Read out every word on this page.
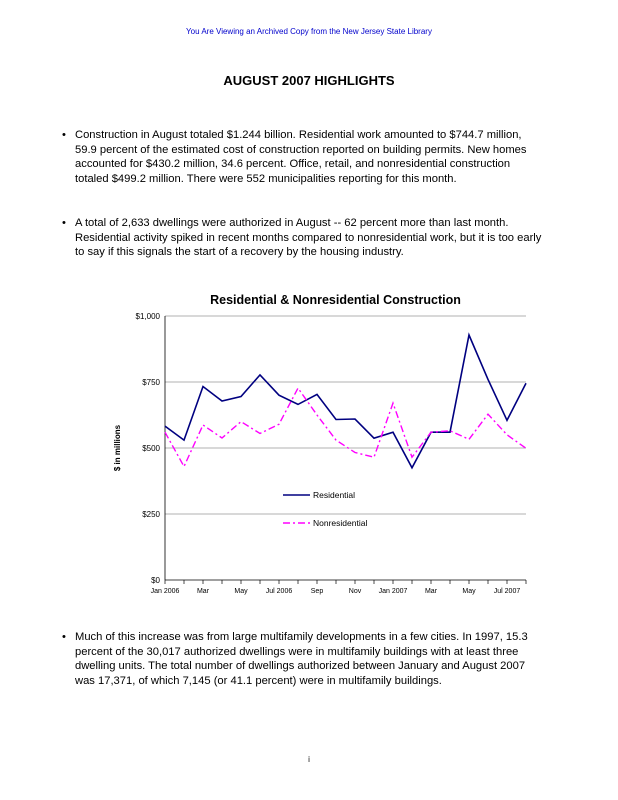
You Are Viewing an Archived Copy from the New Jersey State Library
AUGUST 2007 HIGHLIGHTS
• Construction in August totaled $1.244 billion. Residential work amounted to $744.7 million, 59.9 percent of the estimated cost of construction reported on building permits. New homes accounted for $430.2 million, 34.6 percent. Office, retail, and nonresidential construction totaled $499.2 million. There were 552 municipalities reporting for this month.
• A total of 2,633 dwellings were authorized in August -- 62 percent more than last month. Residential activity spiked in recent months compared to nonresidential work, but it is too early to say if this signals the start of a recovery by the housing industry.
Residential & Nonresidential Construction
$0
$250
$500
$750
$1,000
$ in millions
Jan 2006	Mar	May	Jul 2006	Sep	Nov Jan 2007	Mar	May	Jul 2007
Residential
Nonresidential
• Much of this increase was from large multifamily developments in a few cities. In 1997, 15.3 percent of the 30,017 authorized dwellings were in multifamily buildings with at least three dwelling units. The total number of dwellings authorized between January and August 2007 was 17,371, of which 7,145 (or 41.1 percent) were in multifamily buildings.
i
